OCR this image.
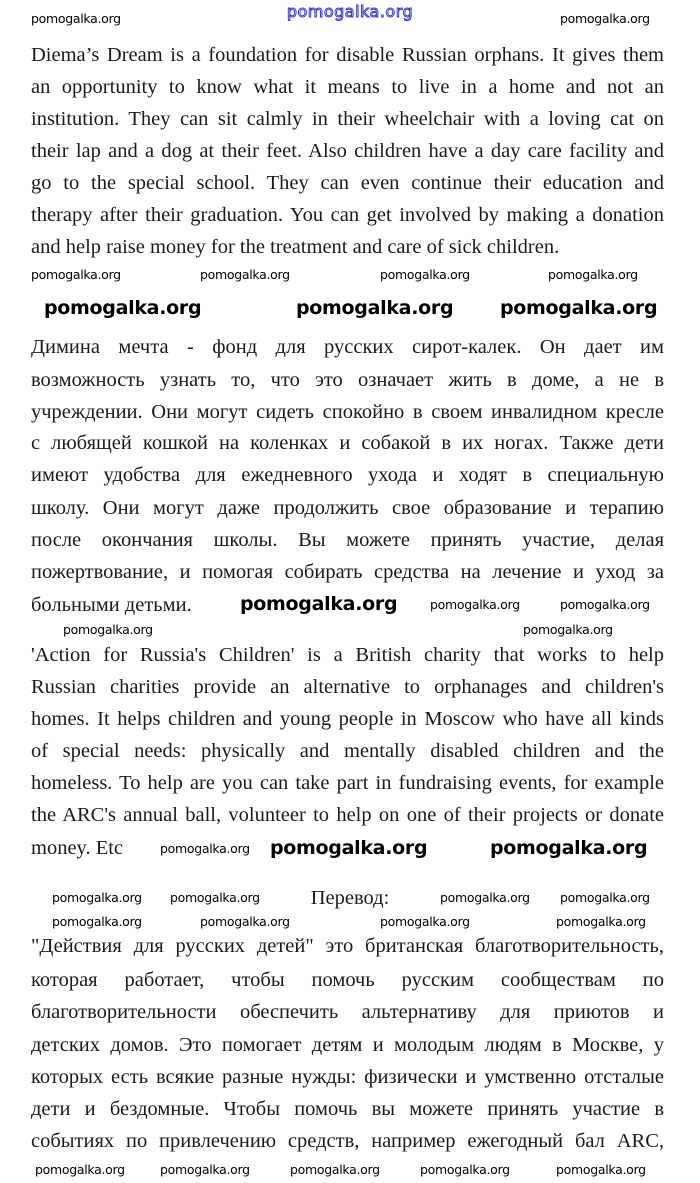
pomogalka.org
Diema’s Dream is a foundation for disable Russian orphans. It gives them
an opportunity to know what it means to live in a home and not an
institution. They can sit calmly in their wheelchair with a loving cat on
their lap and a dog at their feet. Also children have a day care facility and
go to the special school. They can even continue their education and
therapy after their graduation. You can get involved by making a donation
and help raise money for the treatment and care of sick children.
Димина мечта - фонд для русских сирот-калек. Он дает им
возможность узнать то, что это означает жить в доме, а не в
учреждении. Они могут сидеть спокойно в своем инвалидном кресле
с любящей кошкой на коленках и собакой в их ногах. Также дети
имеют удобства для ежедневного ухода и ходят в специальную
школу. Они могут даже продолжить свое образование и терапию
после окончания школы. Вы можете принять участие, делая
пожертвование, и помогая собирать средства на лечение и уход за
больными детьми.
'Action for Russia's Children' is a British charity that works to help
Russian charities provide an alternative to orphanages and children's
homes. It helps children and young people in Moscow who have all kinds
of special needs: physically and mentally disabled children and the
homeless. To help are you can take part in fundraising events, for example
the ARC's annual ball, volunteer to help on one of their projects or donate
money. Etc
Перевод:
"Действия для русских детей" это британская благотворительность,
которая работает, чтобы помочь русским сообществам по
благотворительности обеспечить альтернативу для приютов и
детских домов. Это помогает детям и молодым людям в Москве, у
которых есть всякие разные нужды: физически и умственно отсталые
дети и бездомные. Чтобы помочь вы можете принять участие в
событиях по привлечению средств, например ежегодный бал ARC,
pomogalka.org	pomogalka.org
pomogalka.org	pomogalka.org	pomogalka.org	pomogalka.org
pomogalka.org	pomogalka.org pomogalka.org
pomogalka.org	pomogalka.org	pomogalka.org
pomogalka.org	pomogalka.org
pomogalka.org pomogalka.org	pomogalka.org
pomogalka.org pomogalka.org	pomogalka.org pomogalka.org
pomogalka.org	pomogalka.org	pomogalka.org	pomogalka.org
pomogalka.org	pomogalka.org	pomogalka.org	pomogalka.org	pomogalka.org
